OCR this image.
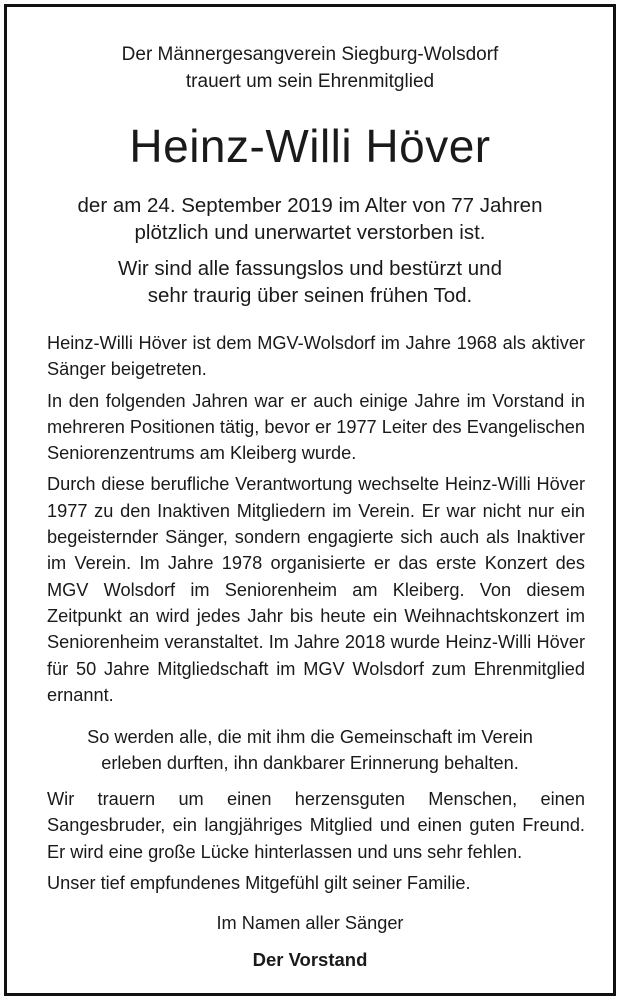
Der Männergesangverein Siegburg-Wolsdorf
trauert um sein Ehrenmitglied
Heinz-Willi Höver
der am 24. September 2019 im Alter von 77 Jahren
plötzlich und unerwartet verstorben ist.
Wir sind alle fassungslos und bestürzt und
sehr traurig über seinen frühen Tod.

Heinz-Willi Höver ist dem MGV-Wolsdorf im Jahre 1968 als aktiver Sänger beigetreten.

In den folgenden Jahren war er auch einige Jahre im Vorstand in mehreren Positionen tätig, bevor er 1977 Leiter des Evangelischen Seniorenzentrums am Kleiberg wurde.

Durch diese berufliche Verantwortung wechselte Heinz-Willi Höver 1977 zu den Inaktiven Mitgliedern im Verein. Er war nicht nur ein begeisternder Sänger, sondern engagierte sich auch als Inaktiver im Verein. Im Jahre 1978 organisierte er das erste Konzert des MGV Wolsdorf im Seniorenheim am Kleiberg. Von diesem Zeitpunkt an wird jedes Jahr bis heute ein Weihnachtskonzert im Seniorenheim veranstaltet. Im Jahre 2018 wurde Heinz-Willi Höver für 50 Jahre Mitgliedschaft im MGV Wolsdorf zum Ehrenmitglied ernannt.

So werden alle, die mit ihm die Gemeinschaft im Verein
erleben durften, ihn dankbarer Erinnerung behalten.

Wir trauern um einen herzensguten Menschen, einen Sangesbruder, ein langjähriges Mitglied und einen guten Freund. Er wird eine große Lücke hinterlassen und uns sehr fehlen.

Unser tief empfundenes Mitgefühl gilt seiner Familie.

Im Namen aller Sänger
Der Vorstand
